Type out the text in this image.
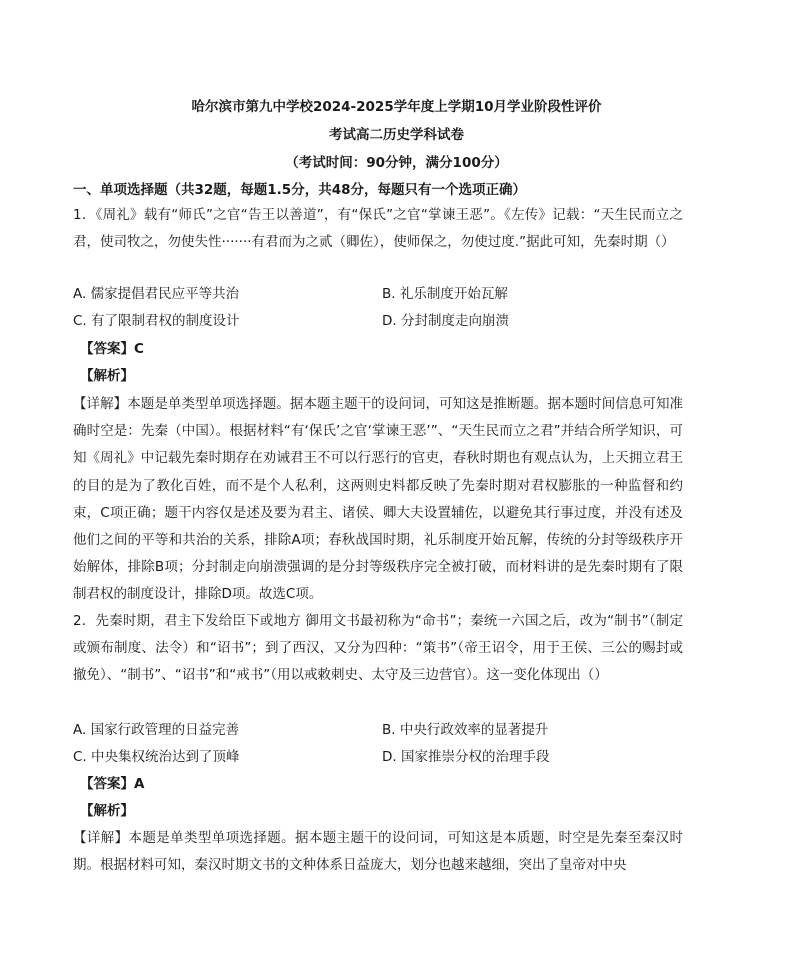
哈尔滨市第九中学校2024-2025学年度上学期10月学业阶段性评价
考试高二历史学科试卷
（考试时间：90分钟，满分100分）
一、单项选择题（共32题，每题1.5分，共48分，每题只有一个选项正确）

1．《周礼》载有“师氏”之官“告王以善道”，有“保氏”之官“掌谏王恶”。《左传》记载：“天生民而立之君，使司牧之，勿使失性·······有君而为之贰（卿佐），使师保之，勿使过度.”据此可知，先秦时期（）

A. 儒家提倡君民应平等共治	B. 礼乐制度开始瓦解
C. 有了限制君权的制度设计	D. 分封制度走向崩溃
【答案】C
【解析】

【详解】本题是单类型单项选择题。据本题主题干的设问词，可知这是推断题。据本题时间信息可知准确时空是：先秦（中国）。根据材料“有‘保氏’之官‘掌谏王恶’”、“天生民而立之君”并结合所学知识，可知《周礼》中记载先秦时期存在劝诫君王不可以行恶行的官吏，春秋时期也有观点认为，上天拥立君王的目的是为了教化百姓，而不是个人私利，这两则史料都反映了先秦时期对君权膨胀的一种监督和约束，C项正确；题干内容仅是述及要为君主、诸侯、卿大夫设置辅佐，以避免其行事过度，并没有述及他们之间的平等和共治的关系，排除A项；春秋战国时期，礼乐制度开始瓦解，传统的分封等级秩序开始解体，排除B项；分封制走向崩溃强调的是分封等级秩序完全被打破，而材料讲的是先秦时期有了限制君权的制度设计，排除D项。故选C项。

2．先秦时期，君主下发给臣下或地方 御用文书最初称为“命书”；秦统一六国之后，改为“制书”（制定或颁布制度、法令）和“诏书”；到了西汉，又分为四种：“策书”（帝王诏令，用于王侯、三公的赐封或撤免）、“制书”、“诏书”和“戒书”（用以戒敕刺史、太守及三边营官）。这一变化体现出（）

A. 国家行政管理的日益完善	B. 中央行政效率的显著提升
C. 中央集权统治达到了顶峰	D. 国家推崇分权的治理手段
【答案】A
【解析】

【详解】本题是单类型单项选择题。据本题主题干的设问词，可知这是本质题，时空是先秦至秦汉时期。根据材料可知，秦汉时期文书的文种体系日益庞大，划分也越来越细，突出了皇帝对中央
